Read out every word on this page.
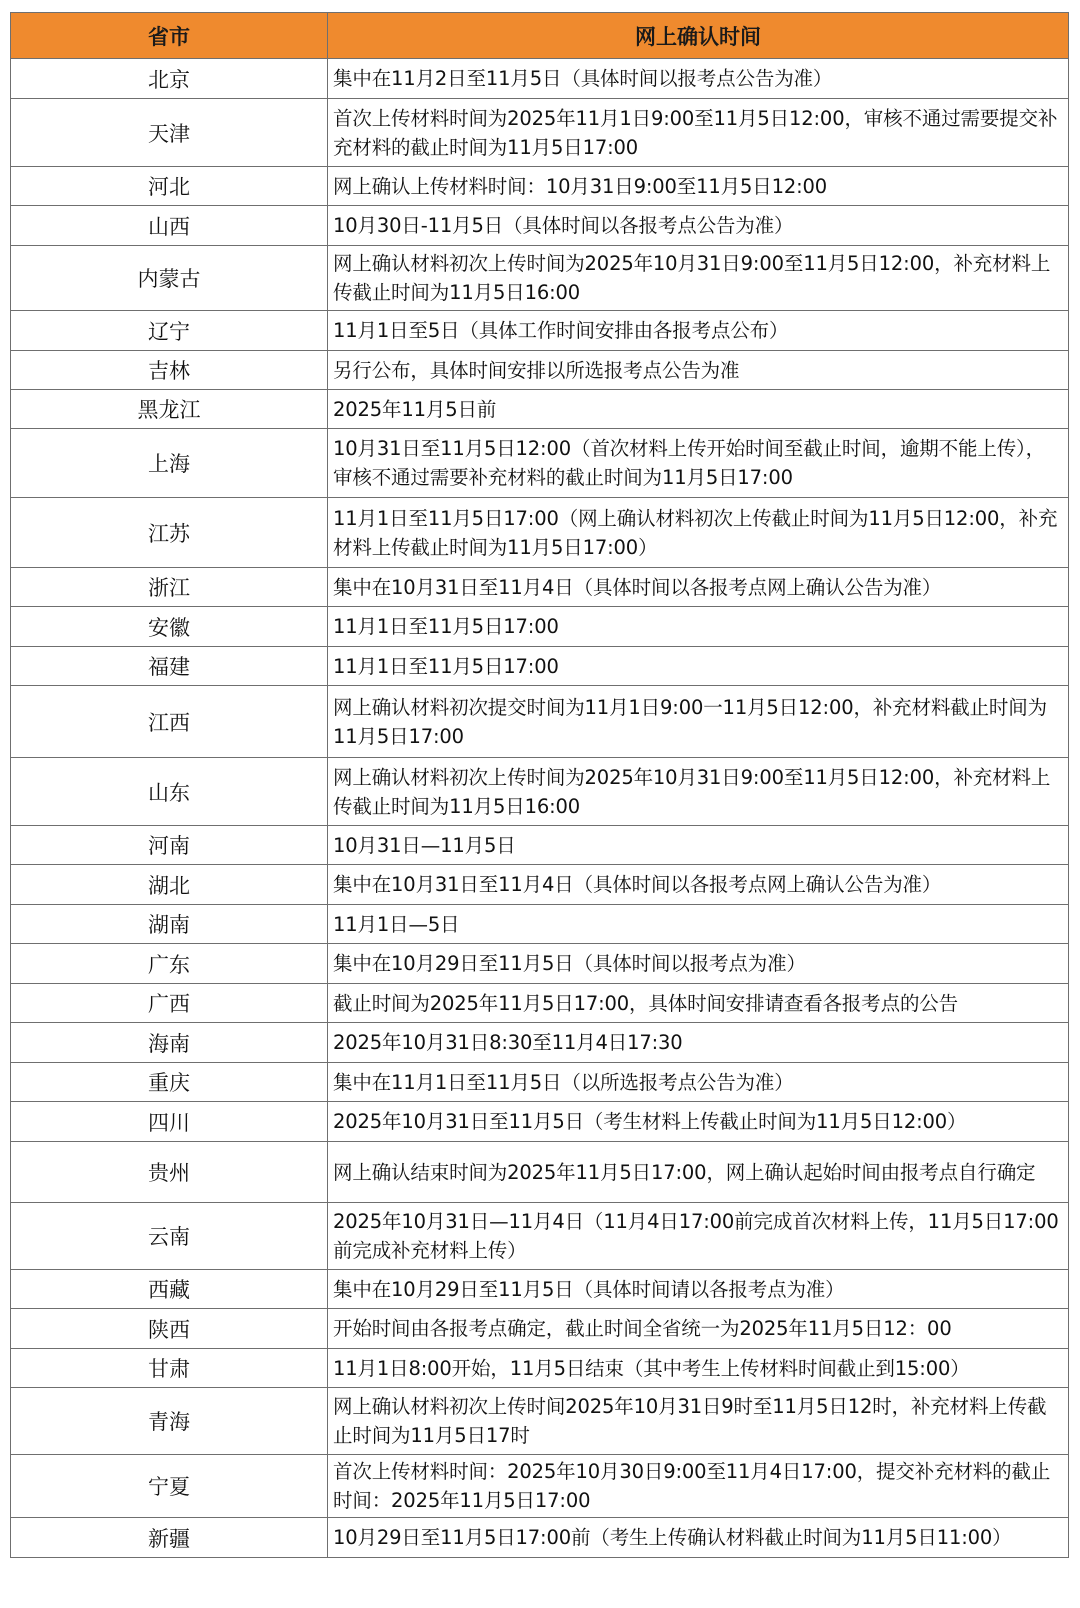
省市	网上确认时间
北京	集中在11月2日至11月5日（具体时间以报考点公告为准）
天津	首次上传材料时间为2025年11月1日9:00至11月5日12:00，审核不通过需要提交补充材料的截止时间为11月5日17:00
河北	网上确认上传材料时间：10月31日9:00至11月5日12:00
山西	10月30日-11月5日（具体时间以各报考点公告为准）
内蒙古	网上确认材料初次上传时间为2025年10月31日9:00至11月5日12:00，补充材料上传截止时间为11月5日16:00
辽宁	11月1日至5日（具体工作时间安排由各报考点公布）
吉林	另行公布，具体时间安排以所选报考点公告为准
黑龙江	2025年11月5日前
上海	10月31日至11月5日12:00（首次材料上传开始时间至截止时间，逾期不能上传），审核不通过需要补充材料的截止时间为11月5日17:00
江苏	11月1日至11月5日17:00（网上确认材料初次上传截止时间为11月5日12:00，补充材料上传截止时间为11月5日17:00）
浙江	集中在10月31日至11月4日（具体时间以各报考点网上确认公告为准）
安徽	11月1日至11月5日17:00
福建	11月1日至11月5日17:00
江西	网上确认材料初次提交时间为11月1日9:00一11月5日12:00，补充材料截止时间为11月5日17:00
山东	网上确认材料初次上传时间为2025年10月31日9:00至11月5日12:00，补充材料上传截止时间为11月5日16:00
河南	10月31日—11月5日
湖北	集中在10月31日至11月4日（具体时间以各报考点网上确认公告为准）
湖南	11月1日—5日
广东	集中在10月29日至11月5日（具体时间以报考点为准）
广西	截止时间为2025年11月5日17:00，具体时间安排请查看各报考点的公告
海南	2025年10月31日8:30至11月4日17:30
重庆	集中在11月1日至11月5日（以所选报考点公告为准）
四川	2025年10月31日至11月5日（考生材料上传截止时间为11月5日12:00）
贵州	网上确认结束时间为2025年11月5日17:00，网上确认起始时间由报考点自行确定
云南	2025年10月31日—11月4日（11月4日17:00前完成首次材料上传，11月5日17:00前完成补充材料上传）
西藏	集中在10月29日至11月5日（具体时间请以各报考点为准）
陕西	开始时间由各报考点确定，截止时间全省统一为2025年11月5日12：00
甘肃	11月1日8:00开始，11月5日结束（其中考生上传材料时间截止到15:00）
青海	网上确认材料初次上传时间2025年10月31日9时至11月5日12时，补充材料上传截止时间为11月5日17时
宁夏	首次上传材料时间：2025年10月30日9:00至11月4日17:00，提交补充材料的截止时间：2025年11月5日17:00
新疆	10月29日至11月5日17:00前（考生上传确认材料截止时间为11月5日11:00）
